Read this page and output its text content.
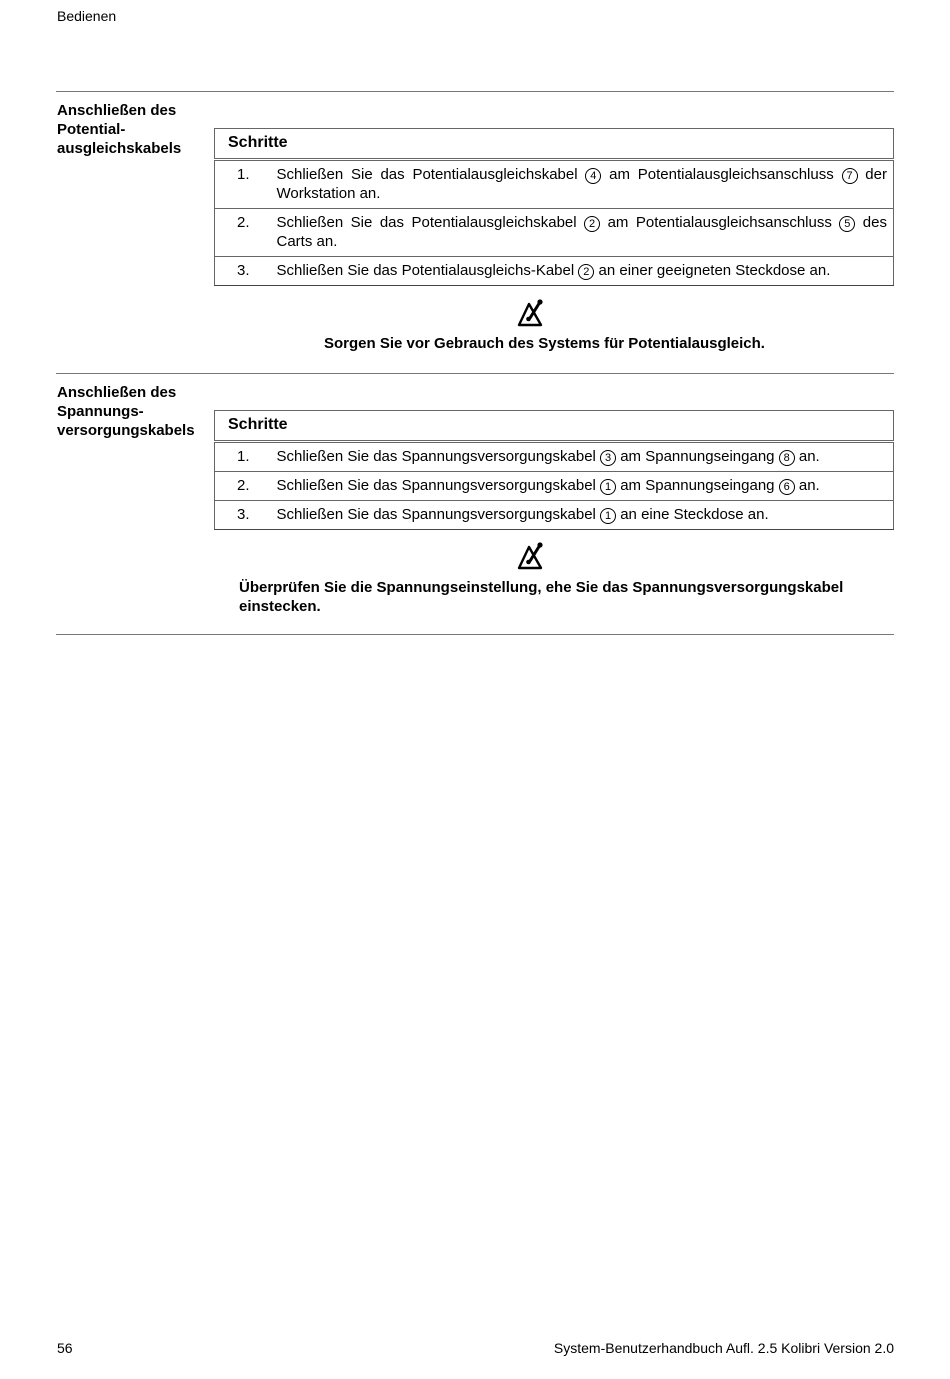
Bedienen
Anschließen des
Potential-
ausgleichskabels	Schritte	
1.	Schließen Sie das Potentialausgleichskabel 4 am Potentialausgleichsanschluss 7 der Workstation an.
2.	Schließen Sie das Potentialausgleichskabel 2 am Potentialausgleichsanschluss 5 des Carts an.
3.	Schließen Sie das Potentialausgleichs-Kabel 2 an einer geeigneten Steckdose an.
Sorgen Sie vor Gebrauch des Systems für Potentialausgleich.
Anschließen des
Spannungs-
versorgungskabels	Schritte	
1.	Schließen Sie das Spannungsversorgungskabel 3 am Spannungseingang 8 an.
2.	Schließen Sie das Spannungsversorgungskabel 1 am Spannungseingang 6 an.
3.	Schließen Sie das Spannungsversorgungskabel 1 an eine Steckdose an.
Überprüfen Sie die Spannungseinstellung, ehe Sie das Spannungsversorgungskabel einstecken.
56	System-Benutzerhandbuch Aufl. 2.5 Kolibri Version 2.0
